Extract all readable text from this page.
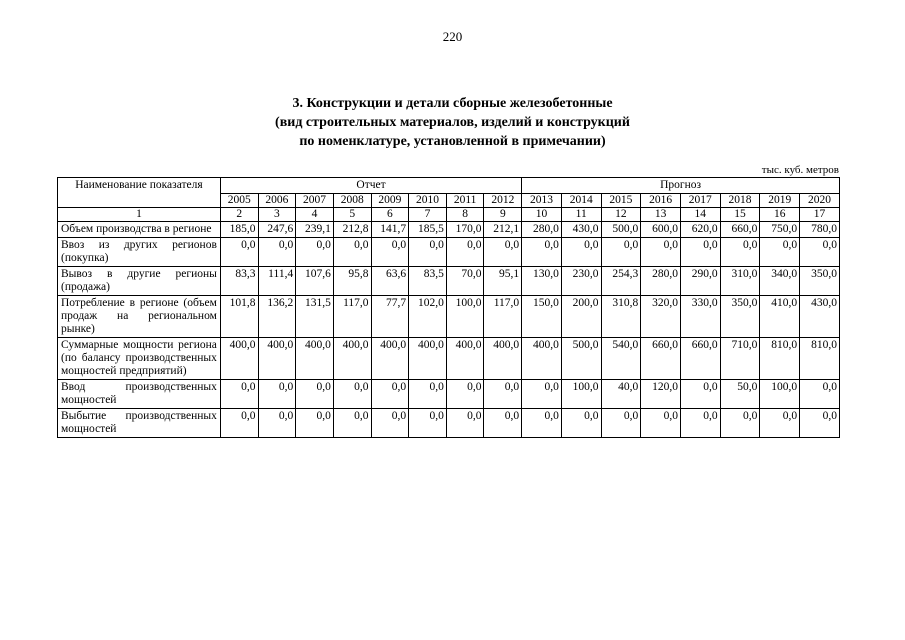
220
3. Конструкции и детали сборные железобетонные
(вид строительных материалов, изделий и конструкций
по номенклатуре, установленной в примечании)
тыс. куб. метров
Наименование показателя	Отчет								Прогноз							
	2005	2006	2007	2008	2009	2010	2011	2012	2013	2014	2015	2016	2017	2018	2019	2020
1	2	3	4	5	6	7	8	9	10	11	12	13	14	15	16	17
Объем производства в регионе	185,0	247,6	239,1	212,8	141,7	185,5	170,0	212,1	280,0	430,0	500,0	600,0	620,0	660,0	750,0	780,0
Ввоз из других регионов (покупка)	0,0	0,0	0,0	0,0	0,0	0,0	0,0	0,0	0,0	0,0	0,0	0,0	0,0	0,0	0,0	0,0
Вывоз в другие регионы (продажа)	83,3	111,4	107,6	95,8	63,6	83,5	70,0	95,1	130,0	230,0	254,3	280,0	290,0	310,0	340,0	350,0
Потребление в регионе (объем продаж на региональном рынке)	101,8	136,2	131,5	117,0	77,7	102,0	100,0	117,0	150,0	200,0	310,8	320,0	330,0	350,0	410,0	430,0
Суммарные мощности региона (по балансу производственных мощностей предприятий)	400,0	400,0	400,0	400,0	400,0	400,0	400,0	400,0	400,0	500,0	540,0	660,0	660,0	710,0	810,0	810,0
Ввод производственных мощностей	0,0	0,0	0,0	0,0	0,0	0,0	0,0	0,0	0,0	100,0	40,0	120,0	0,0	50,0	100,0	0,0
Выбытие производственных мощностей	0,0	0,0	0,0	0,0	0,0	0,0	0,0	0,0	0,0	0,0	0,0	0,0	0,0	0,0	0,0	0,0
